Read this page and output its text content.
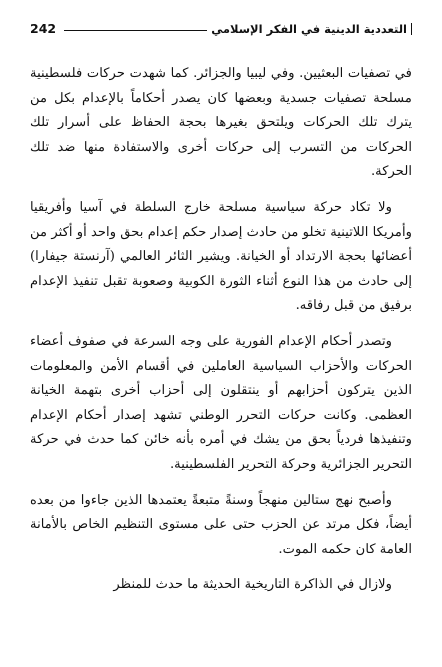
242	التعددية الدينية في الفكر الإسلامي

في تصفيات البعثيين. وفي ليبيا والجزائر. كما شهدت حركات فلسطينية مسلحة تصفيات جسدية وبعضها كان يصدر أحكاماً بالإعدام بكل من يترك تلك الحركات ويلتحق بغيرها بحجة الحفاظ على أسرار تلك الحركات من التسرب إلى حركات أخرى والاستفادة منها ضد تلك الحركة.

ولا تكاد حركة سياسية مسلحة خارج السلطة في آسيا وأفريقيا وأمريكا اللاتينية تخلو من حادث إصدار حكم إعدام بحق واحد أو أكثر من أعضائها بحجة الارتداد أو الخيانة. ويشير الثائر العالمي (آرنستة جيفارا) إلى حادث من هذا النوع أثناء الثورة الكوبية وصعوبة تقبل تنفيذ الإعدام برفيق من قبل رفاقه.

وتصدر أحكام الإعدام الفورية على وجه السرعة في صفوف أعضاء الحركات والأحزاب السياسية العاملين في أقسام الأمن والمعلومات الذين يتركون أحزابهم أو ينتقلون إلى أحزاب أخرى بتهمة الخيانة العظمى. وكانت حركات التحرر الوطني تشهد إصدار أحكام الإعدام وتنفيذها فردياً بحق من يشك في أمره بأنه خائن كما حدث في حركة التحرير الجزائرية وحركة التحرير الفلسطينية.

وأصبح نهج ستالين منهجاً وسنةً متبعةً يعتمدها الذين جاءوا من بعده أيضاً، فكل مرتد عن الحزب حتى على مستوى التنظيم الخاص بالأمانة العامة كان حكمه الموت.

ولازال في الذاكرة التاريخية الحديثة ما حدث للمنظر
